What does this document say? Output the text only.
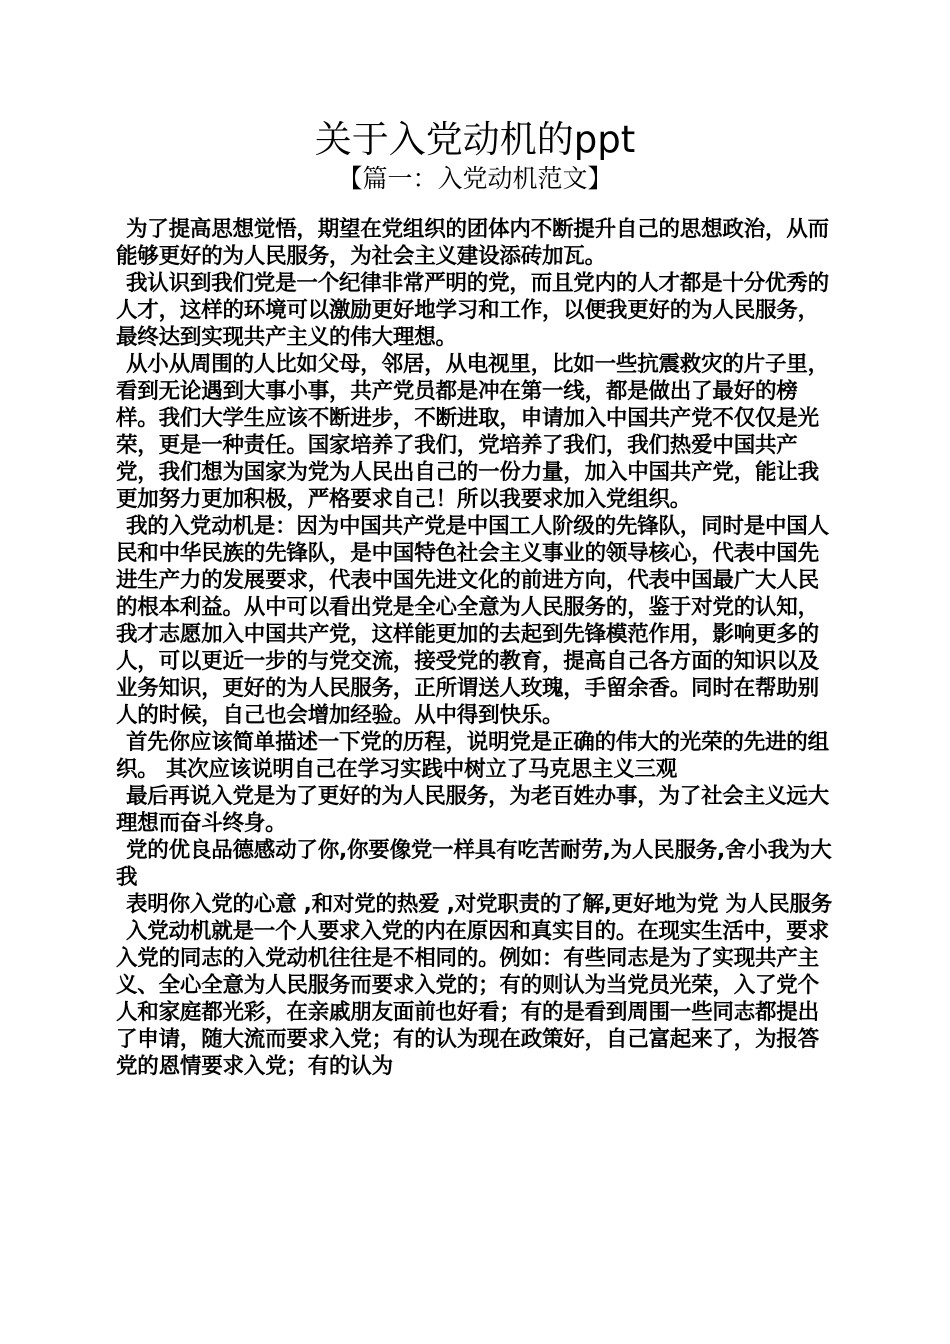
关于入党动机的ppt
【篇一：入党动机范文】

为了提高思想觉悟，期望在党组织的团体内不断提升自己的思想政治，从而能够更好的为人民服务，为社会主义建设添砖加瓦。

我认识到我们党是一个纪律非常严明的党，而且党内的人才都是十分优秀的人才，这样的环境可以激励更好地学习和工作，以便我更好的为人民服务，最终达到实现共产主义的伟大理想。

从小从周围的人比如父母，邻居，从电视里，比如一些抗震救灾的片子里，看到无论遇到大事小事，共产党员都是冲在第一线，都是做出了最好的榜样。我们大学生应该不断进步，不断进取，申请加入中国共产党不仅仅是光荣，更是一种责任。国家培养了我们，党培养了我们，我们热爱中国共产党，我们想为国家为党为人民出自己的一份力量，加入中国共产党，能让我更加努力更加积极，严格要求自己！所以我要求加入党组织。

我的入党动机是：因为中国共产党是中国工人阶级的先锋队，同时是中国人民和中华民族的先锋队，是中国特色社会主义事业的领导核心，代表中国先进生产力的发展要求，代表中国先进文化的前进方向，代表中国最广大人民的根本利益。从中可以看出党是全心全意为人民服务的，鉴于对党的认知，我才志愿加入中国共产党，这样能更加的去起到先锋模范作用，影响更多的人，可以更近一步的与党交流，接受党的教育，提高自己各方面的知识以及业务知识，更好的为人民服务，正所谓送人玫瑰，手留余香。同时在帮助别人的时候，自己也会增加经验。从中得到快乐。

首先你应该简单描述一下党的历程，说明党是正确的伟大的光荣的先进的组织。 其次应该说明自己在学习实践中树立了马克思主义三观

最后再说入党是为了更好的为人民服务，为老百姓办事，为了社会主义远大理想而奋斗终身。

党的优良品德感动了你,你要像党一样具有吃苦耐劳,为人民服务,舍小我为大我

表明你入党的心意 ,和对党的热爱 ,对党职责的了解,更好地为党 为人民服务

入党动机就是一个人要求入党的内在原因和真实目的。在现实生活中，要求入党的同志的入党动机往往是不相同的。例如：有些同志是为了实现共产主义、全心全意为人民服务而要求入党的；有的则认为当党员光荣，入了党个人和家庭都光彩，在亲戚朋友面前也好看；有的是看到周围一些同志都提出了申请，随大流而要求入党；有的认为现在政策好，自己富起来了，为报答党的恩情要求入党；有的认为
